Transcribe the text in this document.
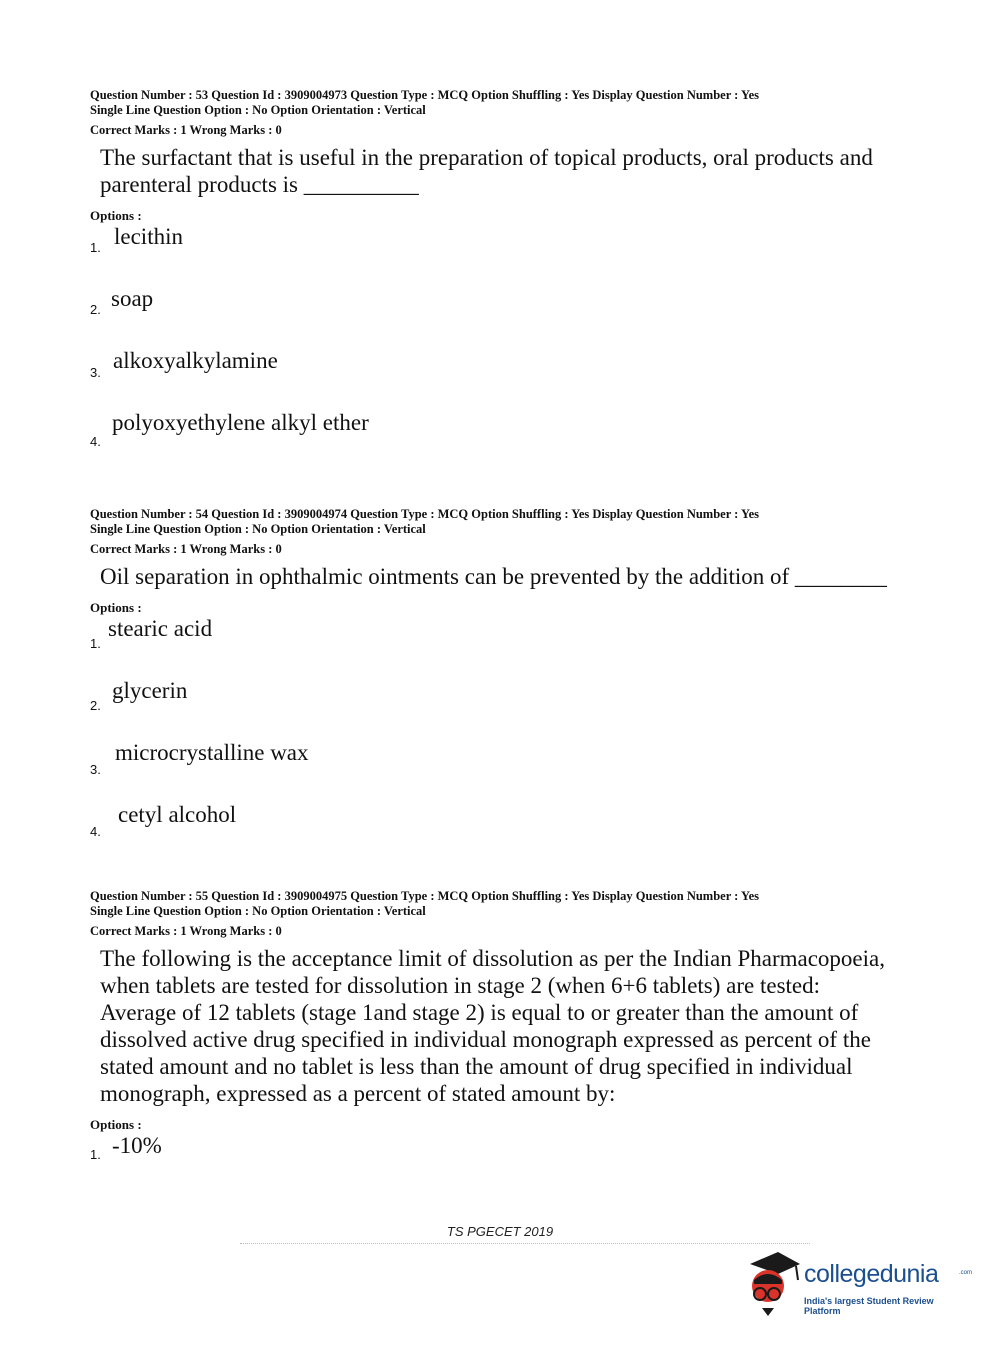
Question Number : 53 Question Id : 3909004973 Question Type : MCQ Option Shuffling : Yes Display Question Number : Yes
Single Line Question Option : No Option Orientation : Vertical
Correct Marks : 1 Wrong Marks : 0
The surfactant that is useful in the preparation of topical products, oral products and
parenteral products is __________
Options :
1. lecithin
2. soap
3. alkoxyalkylamine
4.
polyoxyethylene alkyl ether
Question Number : 54 Question Id : 3909004974 Question Type : MCQ Option Shuffling : Yes Display Question Number : Yes
Single Line Question Option : No Option Orientation : Vertical
Correct Marks : 1 Wrong Marks : 0
Oil separation in ophthalmic ointments can be prevented by the addition of ________
Options :
1.
stearic acid
2.
glycerin
3.
microcrystalline wax
4.
cetyl alcohol
Question Number : 55 Question Id : 3909004975 Question Type : MCQ Option Shuffling : Yes Display Question Number : Yes
Single Line Question Option : No Option Orientation : Vertical
Correct Marks : 1 Wrong Marks : 0
The following is the acceptance limit of dissolution as per the Indian Pharmacopoeia,
when tablets are tested for dissolution in stage 2 (when 6+6 tablets) are tested:
Average of 12 tablets (stage 1and stage 2) is equal to or greater than the amount of
dissolved active drug specified in individual monograph expressed as percent of the
stated amount and no tablet is less than the amount of drug specified in individual
monograph, expressed as a percent of stated amount by:
Options :
1. -10%
TS PGECET 2019
collegedunia	.com
India's largest Student Review Platform
